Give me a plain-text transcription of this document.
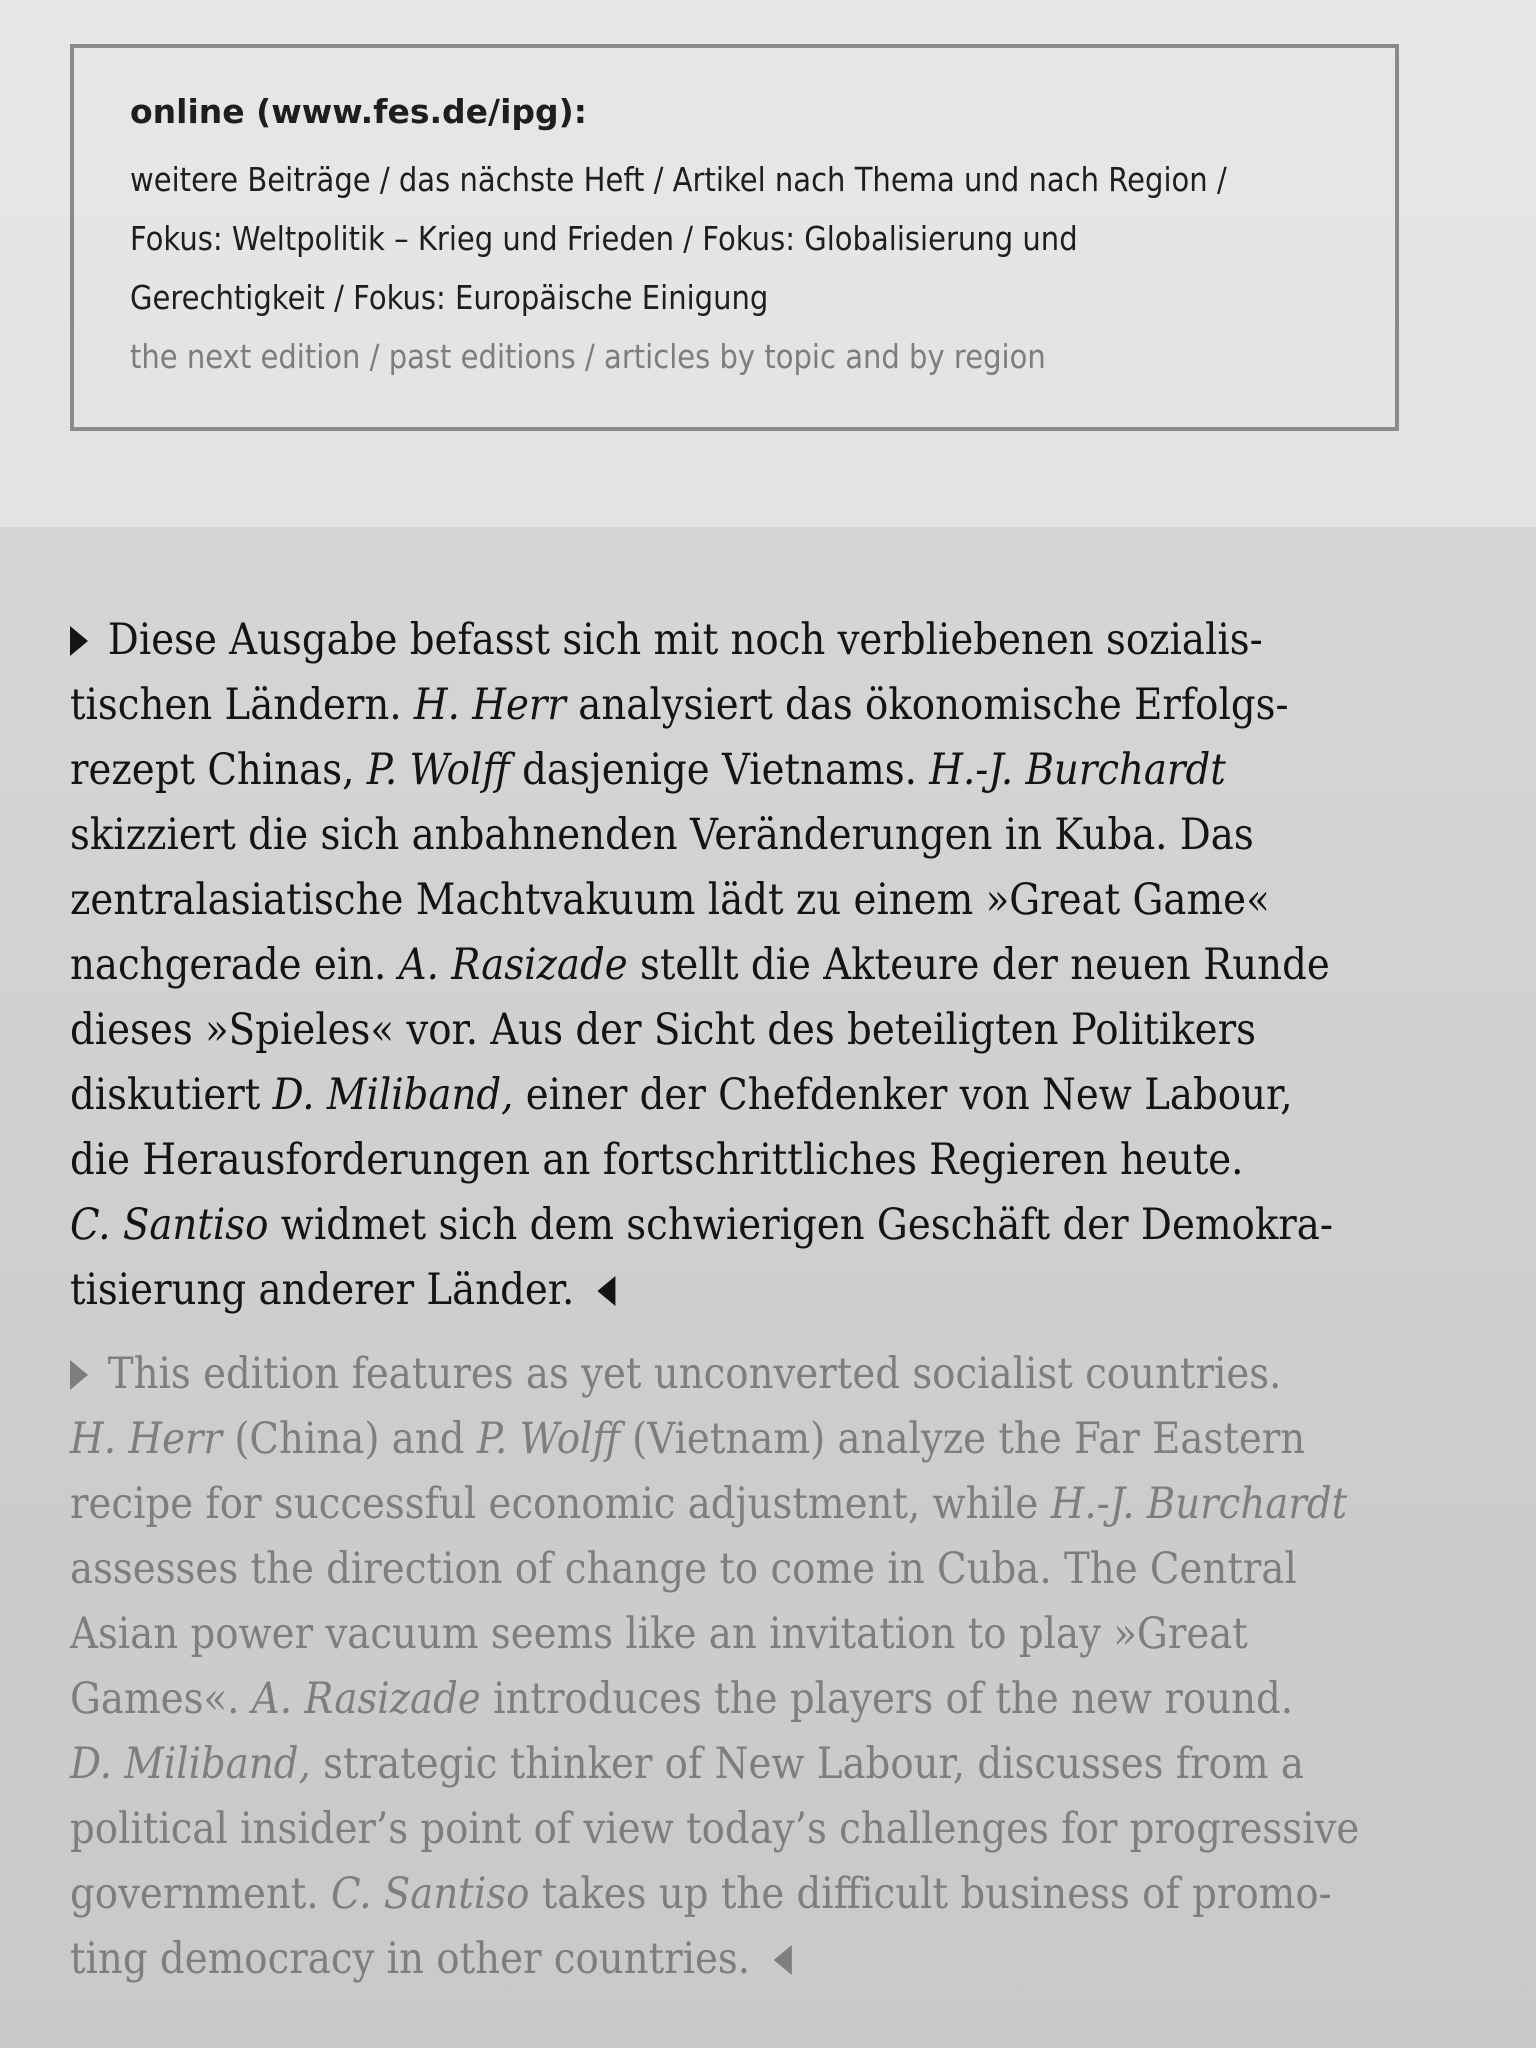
online (www.fes.de/ipg):
weitere Beiträge / das nächste Heft / Artikel nach Thema und nach Region /
Fokus: Weltpolitik – Krieg und Frieden / Fokus: Globalisierung und
Gerechtigkeit / Fokus: Europäische Einigung
the next edition / past editions / articles by topic and by region
Diese Ausgabe befasst sich mit noch verbliebenen sozialis-
tischen Ländern. H. Herr analysiert das ökonomische Erfolgs-
rezept Chinas, P. Wolff dasjenige Vietnams. H.-J. Burchardt
skizziert die sich anbahnenden Veränderungen in Kuba. Das
zentralasiatische Machtvakuum lädt zu einem »Great Game«
nachgerade ein. A. Rasizade stellt die Akteure der neuen Runde
dieses »Spieles« vor. Aus der Sicht des beteiligten Politikers
diskutiert D. Miliband, einer der Chefdenker von New Labour,
die Herausforderungen an fortschrittliches Regieren heute.
C. Santiso widmet sich dem schwierigen Geschäft der Demokra-
tisierung anderer Länder.
This edition features as yet unconverted socialist countries.
H. Herr (China) and P. Wolff (Vietnam) analyze the Far Eastern
recipe for successful economic adjustment, while H.-J. Burchardt
assesses the direction of change to come in Cuba. The Central
Asian power vacuum seems like an invitation to play »Great
Games«. A. Rasizade introduces the players of the new round.
D. Miliband, strategic thinker of New Labour, discusses from a
political insider’s point of view today’s challenges for progressive
government. C. Santiso takes up the difficult business of promo-
ting democracy in other countries.
